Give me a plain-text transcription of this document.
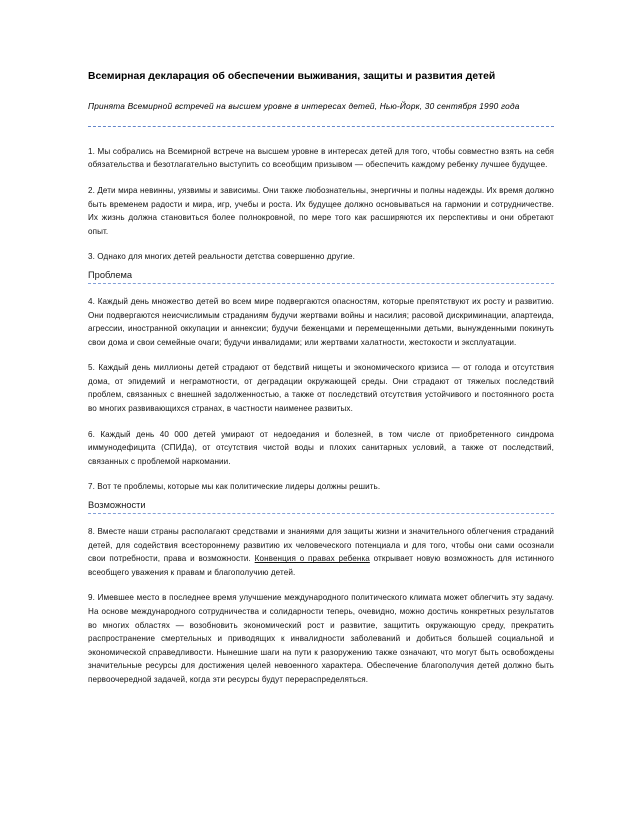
Всемирная декларация об обеспечении выживания, защиты и развития детей
Принята Всемирной встречей на высшем уровне в интересах детей, Нью-Йорк, 30 сентября 1990 года

1. Мы собрались на Всемирной встрече на высшем уровне в интересах детей для того, чтобы совместно взять на себя обязательства и безотлагательно выступить со всеобщим призывом — обеспечить каждому ребенку лучшее будущее.

2. Дети мира невинны, уязвимы и зависимы. Они также любознательны, энергичны и полны надежды. Их время должно быть временем радости и мира, игр, учебы и роста. Их будущее должно основываться на гармонии и сотрудничестве. Их жизнь должна становиться более полнокровной, по мере того как расширяются их перспективы и они обретают опыт.

3. Однако для многих детей реальности детства совершенно другие.

Проблема

4. Каждый день множество детей во всем мире подвергаются опасностям, которые препятствуют их росту и развитию. Они подвергаются неисчислимым страданиям будучи жертвами войны и насилия; расовой дискриминации, апартеида, агрессии, иностранной оккупации и аннексии; будучи беженцами и перемещенными детьми, вынужденными покинуть свои дома и свои семейные очаги; будучи инвалидами; или жертвами халатности, жестокости и эксплуатации.

5. Каждый день миллионы детей страдают от бедствий нищеты и экономического кризиса — от голода и отсутствия дома, от эпидемий и неграмотности, от деградации окружающей среды. Они страдают от тяжелых последствий проблем, связанных с внешней задолженностью, а также от последствий отсутствия устойчивого и постоянного роста во многих развивающихся странах, в частности наименее развитых.

6. Каждый день 40 000 детей умирают от недоедания и болезней, в том числе от приобретенного синдрома иммунодефицита (СПИДа), от отсутствия чистой воды и плохих санитарных условий, а также от последствий, связанных с проблемой наркомании.

7. Вот те проблемы, которые мы как политические лидеры должны решить.

Возможности

8. Вместе наши страны располагают средствами и знаниями для защиты жизни и значительного облегчения страданий детей, для содействия всестороннему развитию их человеческого потенциала и для того, чтобы они сами осознали свои потребности, права и возможности. Конвенция о правах ребенка открывает новую возможность для истинного всеобщего уважения к правам и благополучию детей.

9. Имевшее место в последнее время улучшение международного политического климата может облегчить эту задачу. На основе международного сотрудничества и солидарности теперь, очевидно, можно достичь конкретных результатов во многих областях — возобновить экономический рост и развитие, защитить окружающую среду, прекратить распространение смертельных и приводящих к инвалидности заболеваний и добиться большей социальной и экономической справедливости. Нынешние шаги на пути к разоружению также означают, что могут быть освобождены значительные ресурсы для достижения целей невоенного характера. Обеспечение благополучия детей должно быть первоочередной задачей, когда эти ресурсы будут перераспределяться.
